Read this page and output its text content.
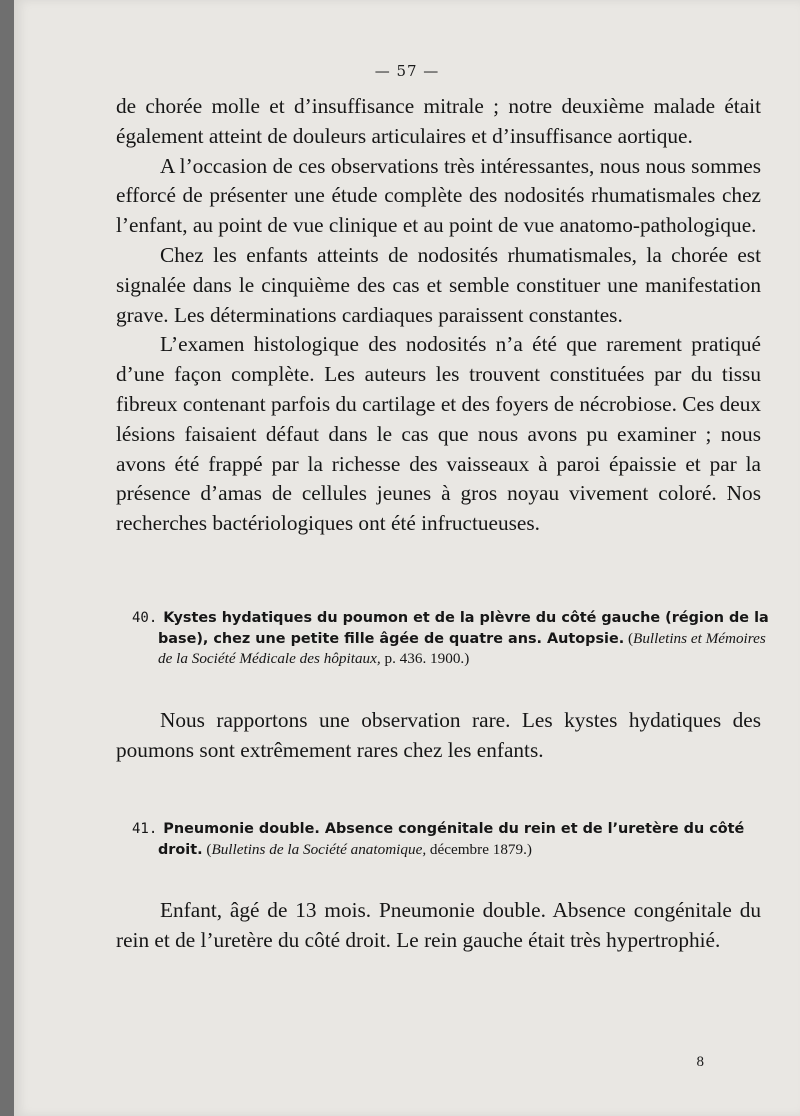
— 57 —

de chorée molle et d’insuffisance mitrale ; notre deuxième malade était également atteint de douleurs articulaires et d’insuffisance aortique.

A l’occasion de ces observations très intéressantes, nous nous sommes efforcé de présenter une étude complète des nodosités rhumatismales chez l’enfant, au point de vue clinique et au point de vue anatomo-pathologique.

Chez les enfants atteints de nodosités rhumatismales, la chorée est signalée dans le cinquième des cas et semble constituer une manifestation grave. Les déterminations cardiaques paraissent constantes.

L’examen histologique des nodosités n’a été que rarement pratiqué d’une façon complète. Les auteurs les trouvent constituées par du tissu fibreux contenant parfois du cartilage et des foyers de nécrobiose. Ces deux lésions faisaient défaut dans le cas que nous avons pu examiner ; nous avons été frappé par la richesse des vaisseaux à paroi épaissie et par la présence d’amas de cellules jeunes à gros noyau vivement coloré. Nos recherches bactériologiques ont été infructueuses.

40. Kystes hydatiques du poumon et de la plèvre du côté gauche (région de la base), chez une petite fille âgée de quatre ans. Autopsie. (Bulletins et Mémoires de la Société Médicale des hôpitaux, p. 436. 1900.)

Nous rapportons une observation rare. Les kystes hydatiques des poumons sont extrêmement rares chez les enfants.

41. Pneumonie double. Absence congénitale du rein et de l’uretère du côté droit. (Bulletins de la Société anatomique, décembre 1879.)

Enfant, âgé de 13 mois. Pneumonie double. Absence congénitale du rein et de l’uretère du côté droit. Le rein gauche était très hypertrophié.

8
